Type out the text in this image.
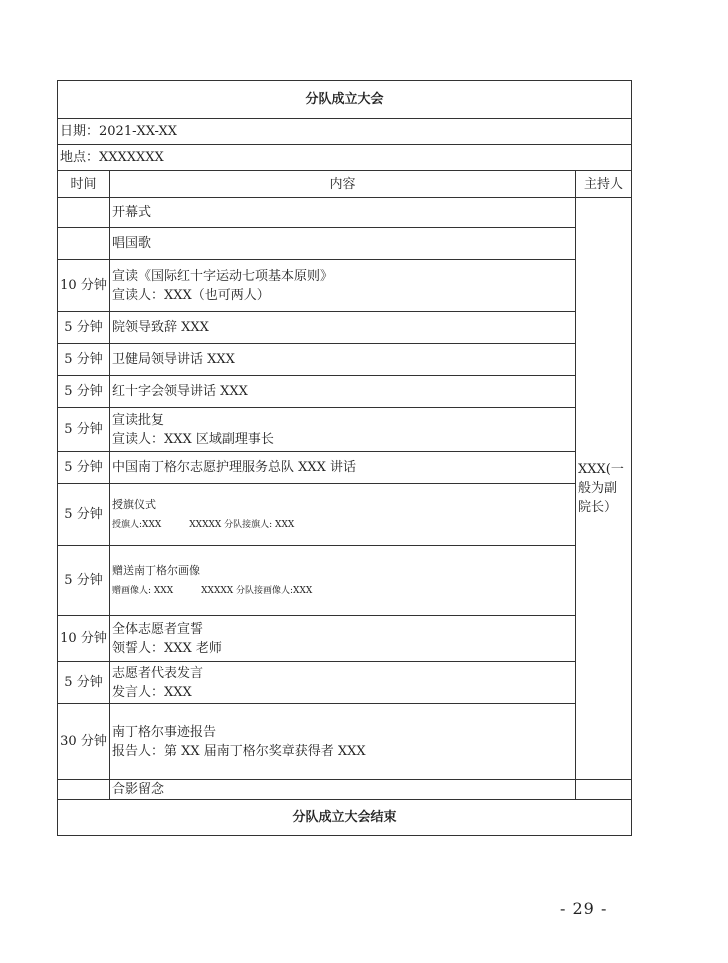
分队成立大会		
日期：2021-XX-XX		
地点：XXXXXXX		
时间	内容	主持人

	开幕式	XXX(一般为副院长）

	唱国歌	

10 分钟	宣读《国际红十字运动七项基本原则》
宣读人：XXX（也可两人）	

5 分钟	院领导致辞 XXX	

5 分钟	卫健局领导讲话 XXX	

5 分钟	红十字会领导讲话 XXX	

5 分钟	宣读批复
宣读人：XXX 区域副理事长	

5 分钟	中国南丁格尔志愿护理服务总队 XXX 讲话	

5 分钟	授旗仪式
授旗人:XXX XXXXX 分队接旗人: XXX	
5 分钟	赠送南丁格尔画像
赠画像人: XXX XXXXX 分队接画像人:XXX	
10 分钟	全体志愿者宣誓
领誓人：XXX 老师	

5 分钟	志愿者代表发言
发言人：XXX	

30 分钟	南丁格尔事迹报告
报告人：第 XX 届南丁格尔奖章获得者 XXX	

	合影留念	

分队成立大会结束		
- 29 -
